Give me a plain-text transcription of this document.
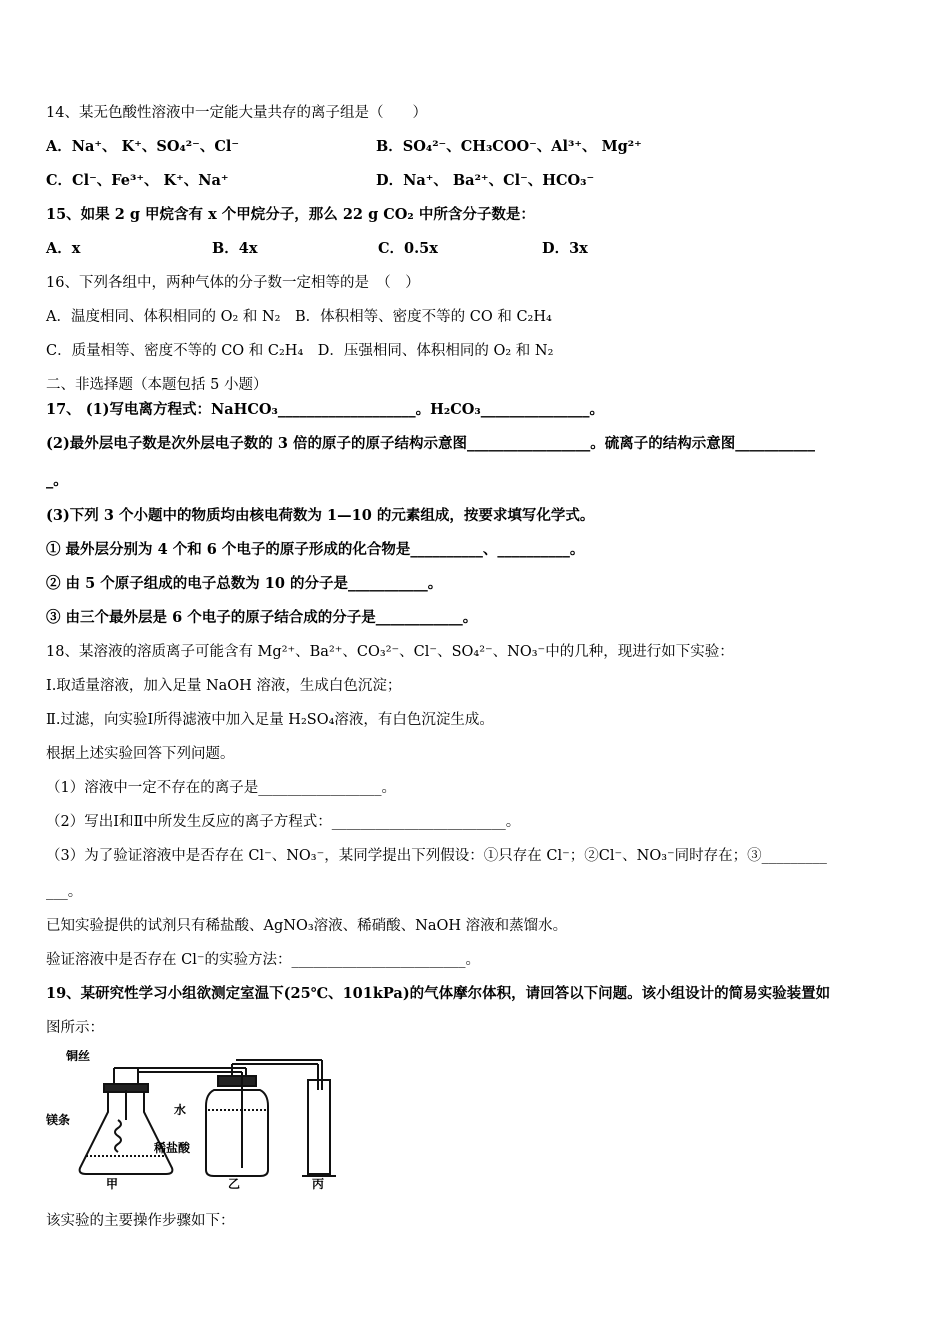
14、某无色酸性溶液中一定能大量共存的离子组是（　　）
A．Na⁺、 K⁺、SO₄²⁻、Cl⁻	B．SO₄²⁻、CH₃COO⁻、Al³⁺、 Mg²⁺
C．Cl⁻、Fe³⁺、 K⁺、Na⁺	D．Na⁺、 Ba²⁺、Cl⁻、HCO₃⁻
15、如果 2 g 甲烷含有 x 个甲烷分子，那么 22 g CO₂ 中所含分子数是：
A．x	B．4x	C．0.5x	D．3x
16、下列各组中，两种气体的分子数一定相等的是　（　）
A．温度相同、体积相同的 O₂ 和 N₂　B．体积相等、密度不等的 CO 和 C₂H₄
C．质量相等、密度不等的 CO 和 C₂H₄　D．压强相同、体积相同的 O₂ 和 N₂
二、非选择题（本题包括 5 小题）
17、 (1)写电离方程式：NaHCO₃___________________。H₂CO₃_______________。
(2)最外层电子数是次外层电子数的 3 倍的原子的原子结构示意图_________________。硫离子的结构示意图___________
_。
(3)下列 3 个小题中的物质均由核电荷数为 1—10 的元素组成，按要求填写化学式。
① 最外层分别为 4 个和 6 个电子的原子形成的化合物是__________、__________。
② 由 5 个原子组成的电子总数为 10 的分子是___________。
③ 由三个最外层是 6 个电子的原子结合成的分子是____________。
18、某溶液的溶质离子可能含有 Mg²⁺、Ba²⁺、CO₃²⁻、Cl⁻、SO₄²⁻、NO₃⁻中的几种，现进行如下实验：
Ⅰ.取适量溶液，加入足量 NaOH 溶液，生成白色沉淀；
Ⅱ.过滤，向实验Ⅰ所得滤液中加入足量 H₂SO₄溶液，有白色沉淀生成。
根据上述实验回答下列问题。
（1）溶液中一定不存在的离子是_________________。
（2）写出Ⅰ和Ⅱ中所发生反应的离子方程式：________________________。
（3）为了验证溶液中是否存在 Cl⁻、NO₃⁻，某同学提出下列假设：①只存在 Cl⁻；②Cl⁻、NO₃⁻同时存在；③_________
___。
已知实验提供的试剂只有稀盐酸、AgNO₃溶液、稀硝酸、NaOH 溶液和蒸馏水。
验证溶液中是否存在 Cl⁻的实验方法：________________________。
19、某研究性学习小组欲测定室温下(25℃、101kPa)的气体摩尔体积，请回答以下问题。该小组设计的简易实验装置如
图所示：
铜丝
镁条
稀盐酸
水
甲	乙	丙
该实验的主要操作步骤如下：
